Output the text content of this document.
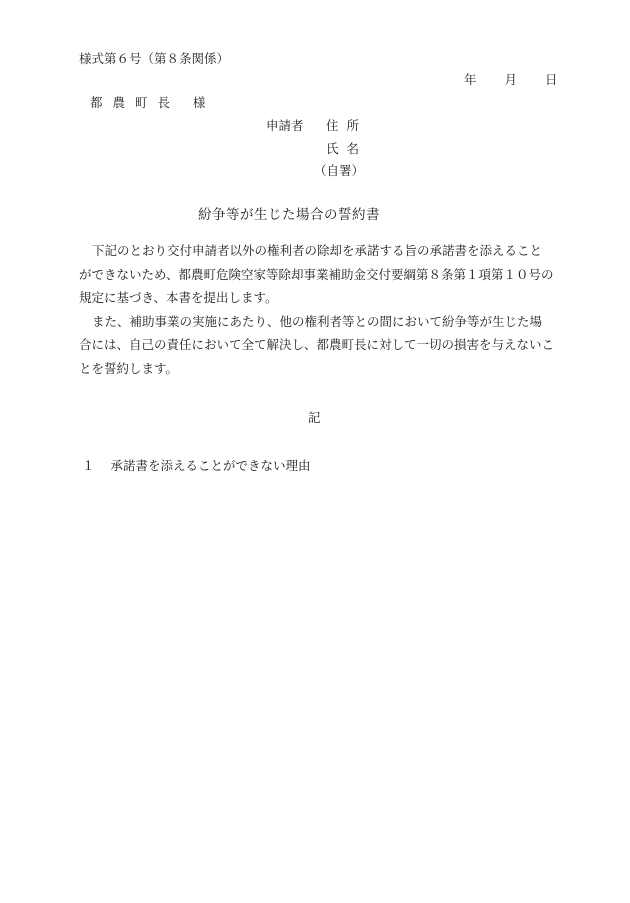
様式第６号（第８条関係）
年 月 日
都 農 町 長 様
申請者 住所
氏名
（自署）
紛争等が生じた場合の誓約書

下記のとおり交付申請者以外の権利者の除却を承諾する旨の承諾書を添えることができないため、都農町危険空家等除却事業補助金交付要綱第８条第１項第１０号の規定に基づき、本書を提出します。

また、補助事業の実施にあたり、他の権利者等との間において紛争等が生じた場合には、自己の責任において全て解決し、都農町長に対して一切の損害を与えないことを誓約します。

記
１ 承諾書を添えることができない理由
